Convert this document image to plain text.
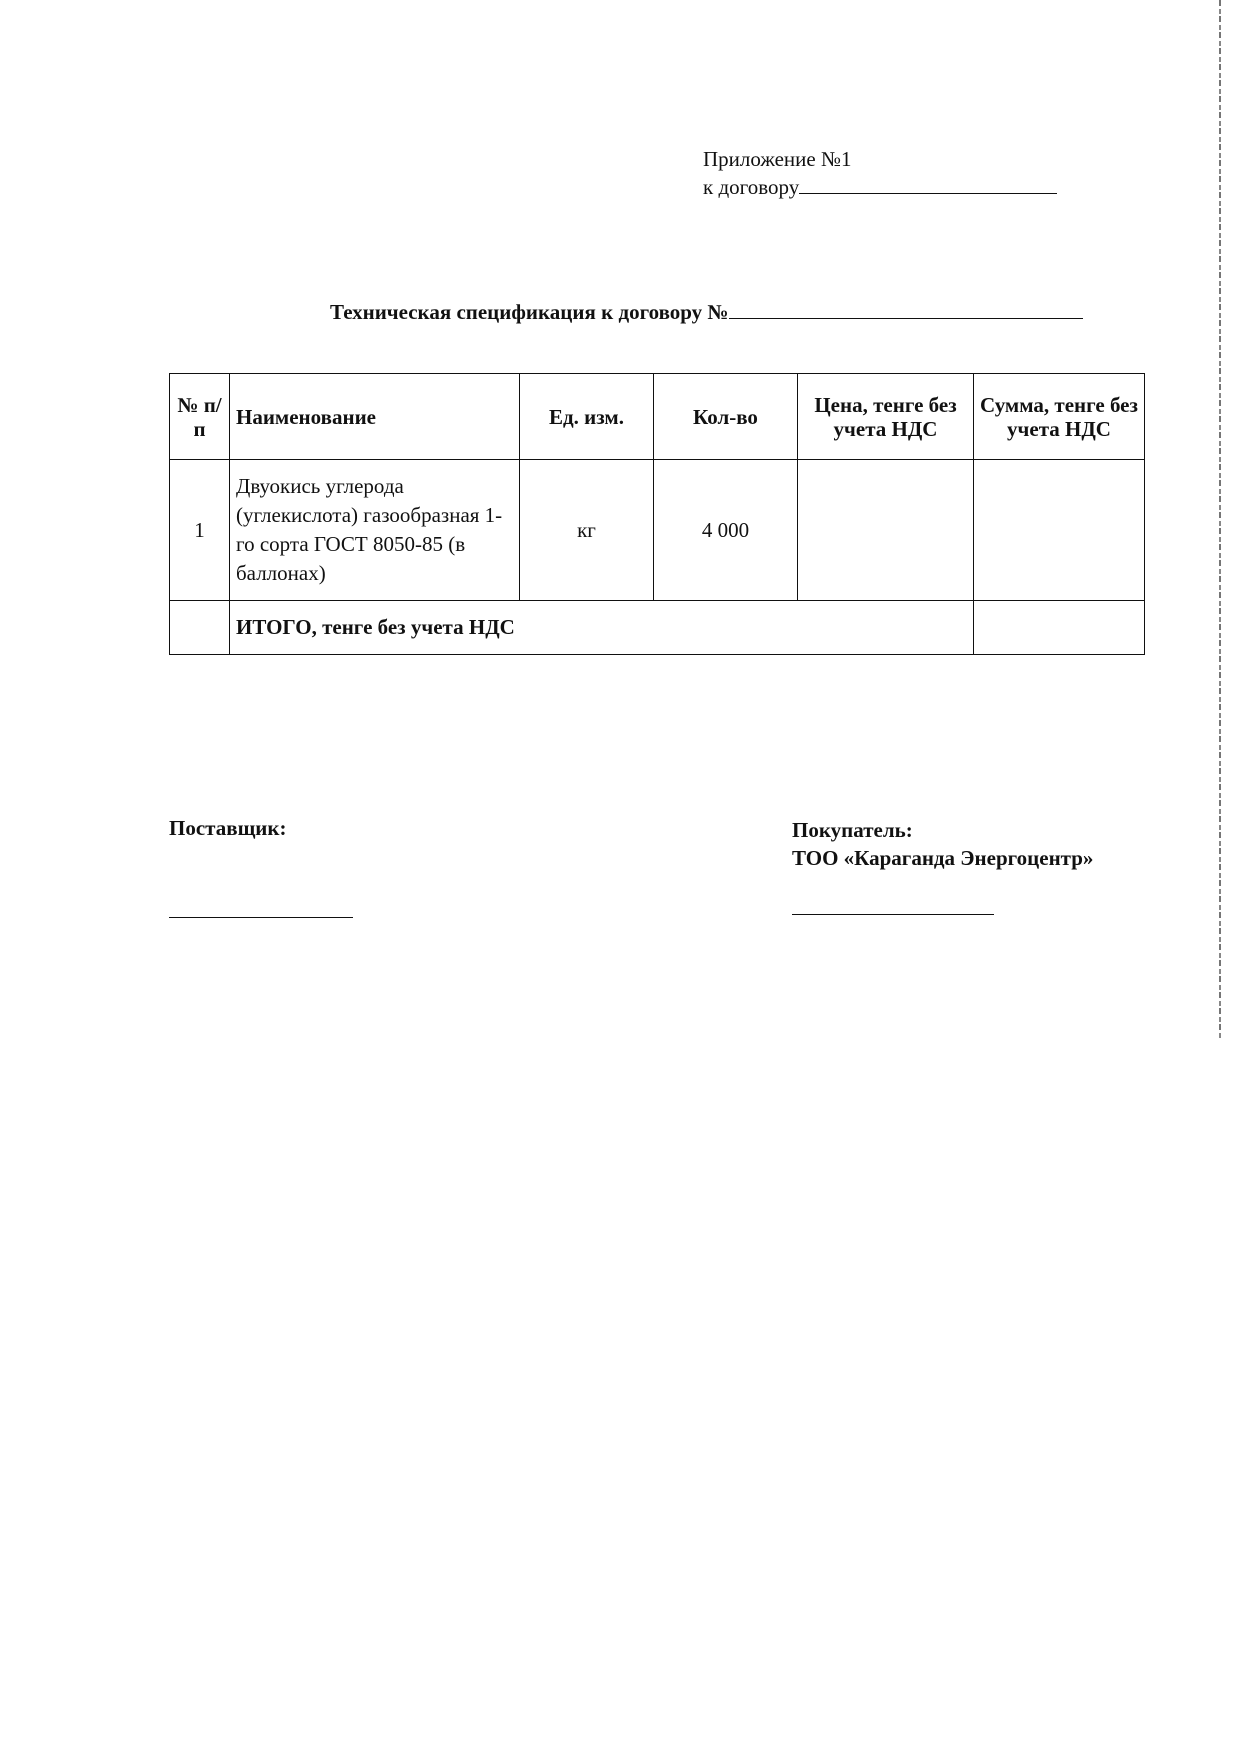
Приложение №1
к договору
Техническая спецификация к договору №
№ п/п	Наименование	Ед. изм.	Кол-во	Цена, тенге без учета НДС	Сумма, тенге без учета НДС
1	Двуокись углерода (углекислота) газообразная 1-го сорта ГОСТ 8050-85 (в баллонах)	кг	4 000		
	ИТОГО, тенге без учета НДС				
Поставщик:	Покупатель:
ТОО «Караганда Энергоцентр»
